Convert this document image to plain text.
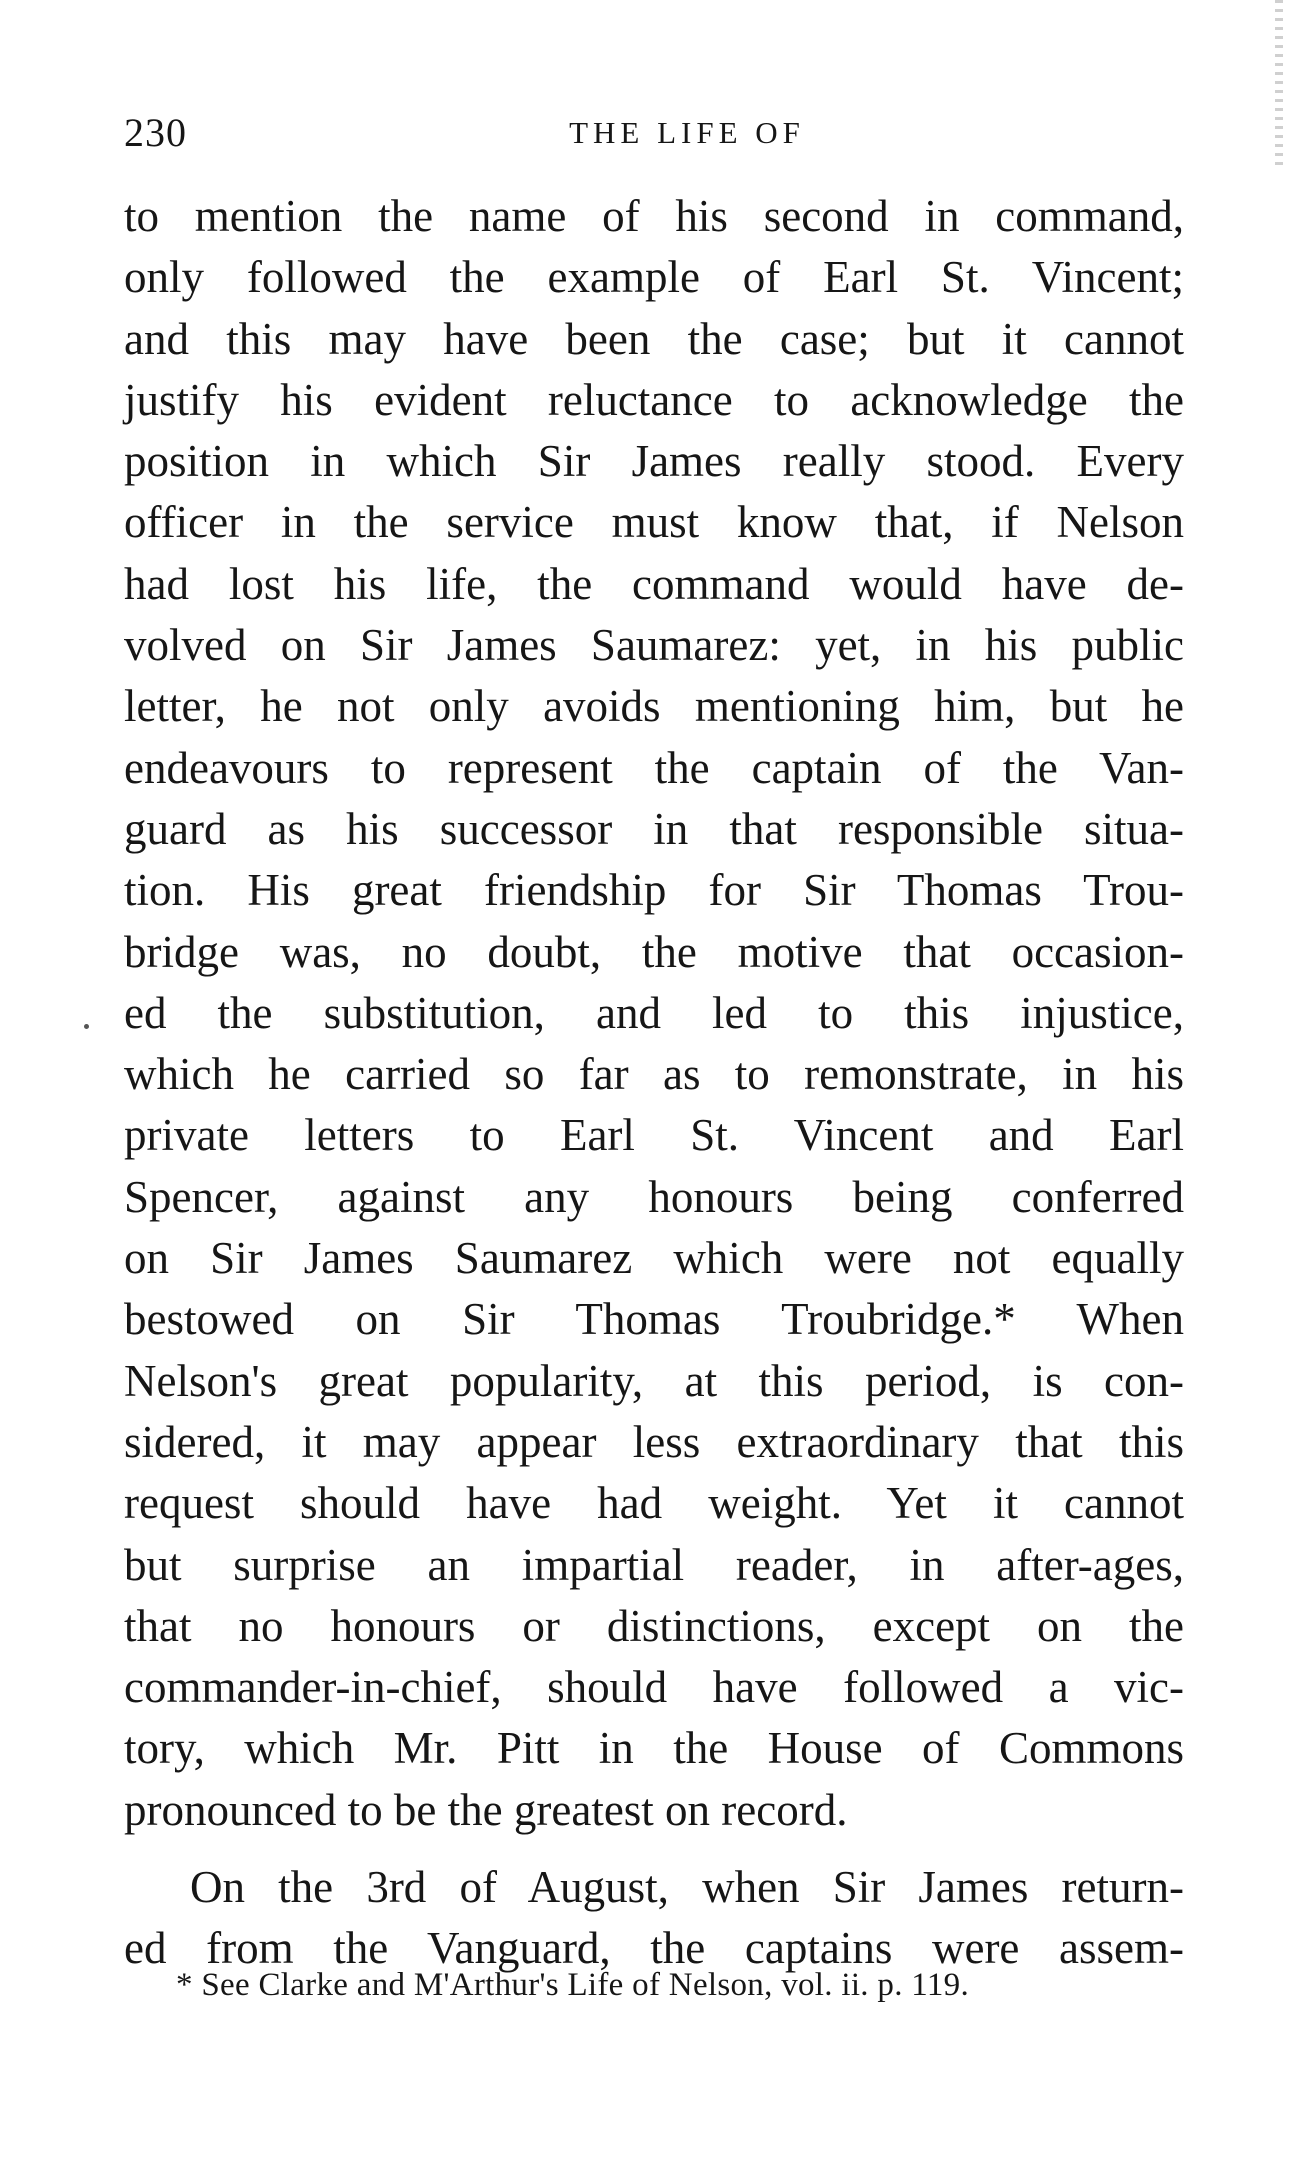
230	THE LIFE OF
to mention the name of his second in command,
only followed the example of Earl St. Vincent;
and this may have been the case; but it cannot
justify his evident reluctance to acknowledge the
position in which Sir James really stood. Every
officer in the service must know that, if Nelson
had lost his life, the command would have de-
volved on Sir James Saumarez: yet, in his public
letter, he not only avoids mentioning him, but he
endeavours to represent the captain of the Van-
guard as his successor in that responsible situa-
tion. His great friendship for Sir Thomas Trou-
bridge was, no doubt, the motive that occasion-
ed the substitution, and led to this injustice,
which he carried so far as to remonstrate, in his
private letters to Earl St. Vincent and Earl
Spencer, against any honours being conferred
on Sir James Saumarez which were not equally
bestowed on Sir Thomas Troubridge.* When
Nelson's great popularity, at this period, is con-
sidered, it may appear less extraordinary that this
request should have had weight. Yet it cannot
but surprise an impartial reader, in after-ages,
that no honours or distinctions, except on the
commander-in-chief, should have followed a vic-
tory, which Mr. Pitt in the House of Commons
pronounced to be the greatest on record.
On the 3rd of August, when Sir James return-
ed from the Vanguard, the captains were assem-
* See Clarke and M'Arthur's Life of Nelson, vol. ii. p. 119.
